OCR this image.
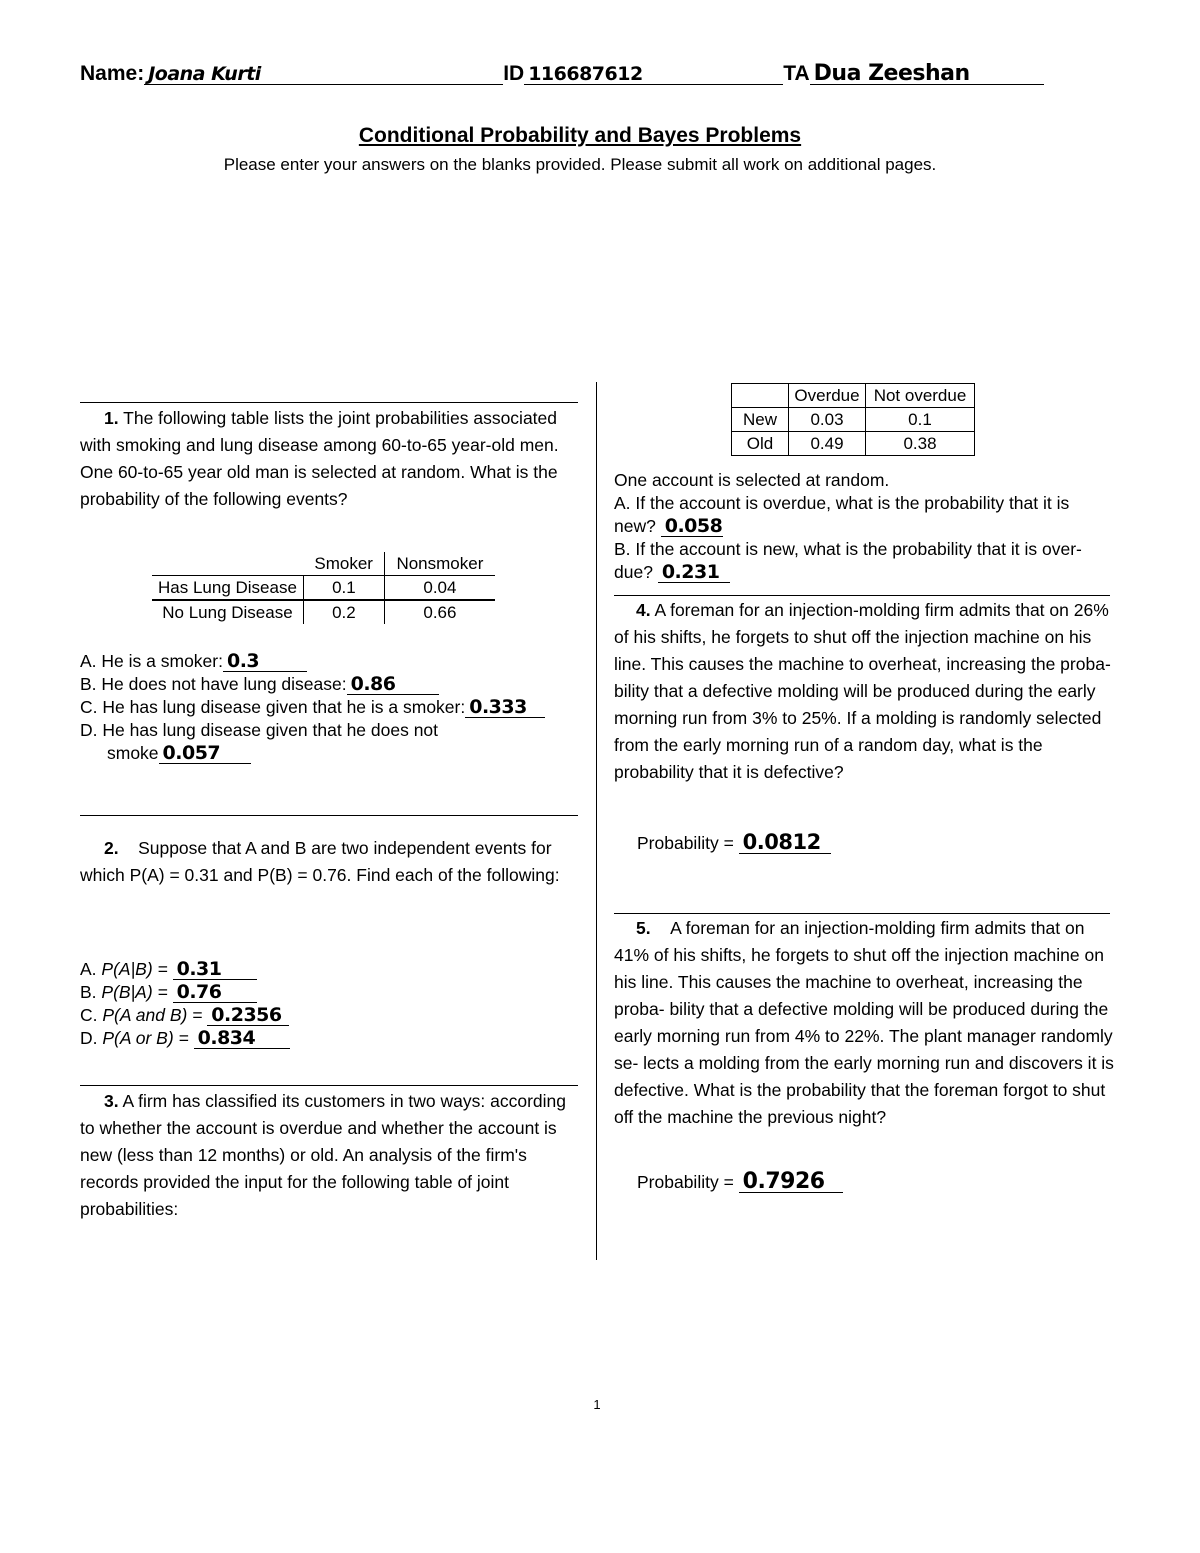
Name: Joana Kurti	ID 116687612	TA Dua Zeeshan
Conditional Probability and Bayes Problems
Please enter your answers on the blanks provided. Please submit all work on additional pages.
1. The following table lists the joint probabilities associated with smoking and lung disease among 60-to-65 year-old men. One 60-to-65 year old man is selected at random. What is the probability of the following events?
	Smoker	Nonsmoker
Has Lung Disease	0.1	0.04
No Lung Disease	0.2	0.66
A. He is a smoker: 0.3
B. He does not have lung disease: 0.86
C. He has lung disease given that he is a smoker: 0.333
D. He has lung disease given that he does not
smoke 0.057
2. Suppose that A and B are two independent events for which P(A) = 0.31 and P(B) = 0.76. Find each of the following:
A. P(A|B) = 0.31
B. P(B|A) = 0.76
C. P(A and B) = 0.2356
D. P(A or B) = 0.834
3. A firm has classified its customers in two ways: according to whether the account is overdue and whether the account is new (less than 12 months) or old. An analysis of the firm's records provided the input for the following table of joint probabilities:
	Overdue	Not overdue
New	0.03	0.1
Old	0.49	0.38
One account is selected at random.
A. If the account is overdue, what is the probability that it is new? 0.058
B. If the account is new, what is the probability that it is over-due? 0.231
4. A foreman for an injection-molding firm admits that on 26% of his shifts, he forgets to shut off the injection machine on his line. This causes the machine to overheat, increasing the proba- bility that a defective molding will be produced during the early morning run from 3% to 25%. If a molding is randomly selected from the early morning run of a random day, what is the probability that it is defective?
Probability = 0.0812
5. A foreman for an injection-molding firm admits that on 41% of his shifts, he forgets to shut off the injection machine on his line. This causes the machine to overheat, increasing the proba- bility that a defective molding will be produced during the early morning run from 4% to 22%. The plant manager randomly se- lects a molding from the early morning run and discovers it is defective. What is the probability that the foreman forgot to shut off the machine the previous night?
Probability = 0.7926
1
